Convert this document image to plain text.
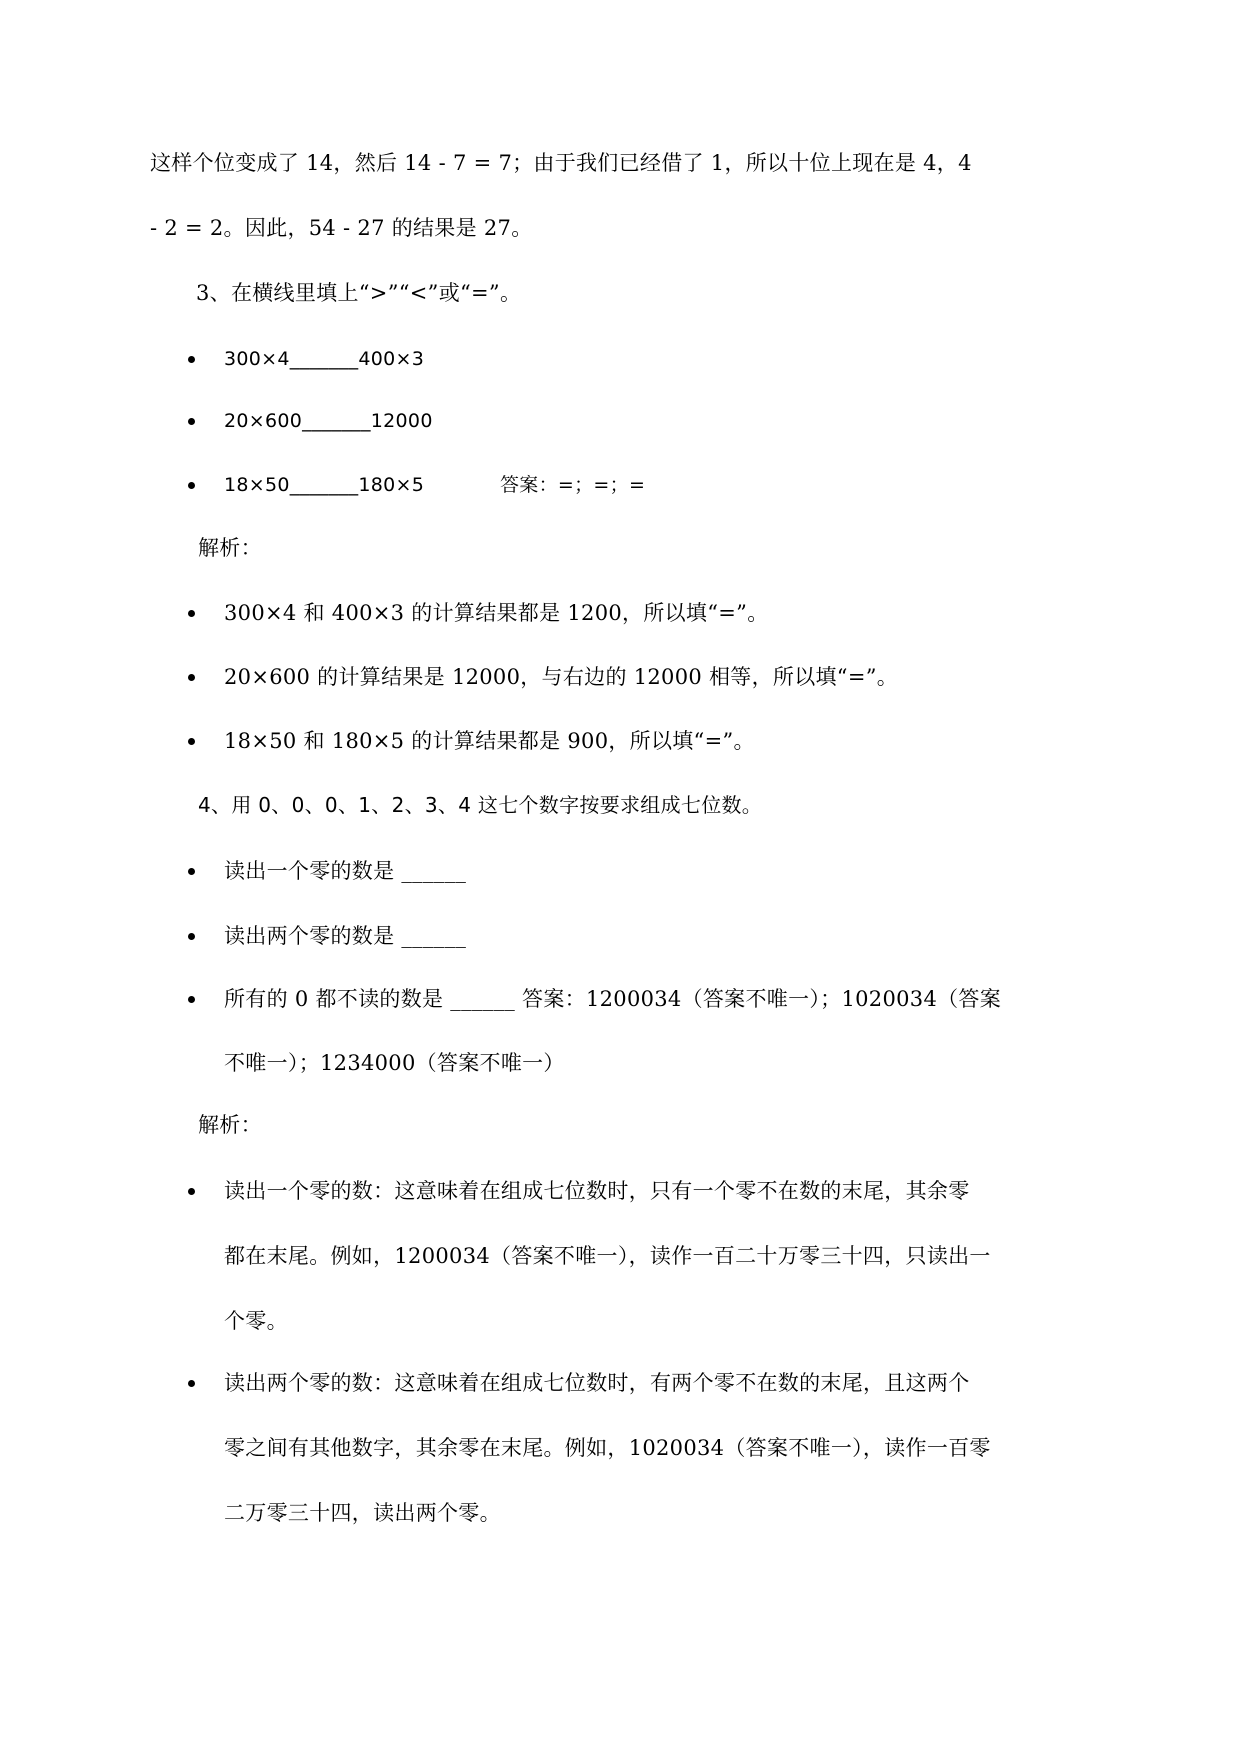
这样个位变成了 14，然后 14 - 7 = 7；由于我们已经借了 1，所以十位上现在是 4，4
- 2 = 2。因此，54 - 27 的结果是 27。
3、在横线里填上“>”“<”或“=”。
300×4_______400×3
20×600_______12000
18×50_______180×5	答案：=；=；=
解析：
300×4 和 400×3 的计算结果都是 1200，所以填“=”。
20×600 的计算结果是 12000，与右边的 12000 相等，所以填“=”。
18×50 和 180×5 的计算结果都是 900，所以填“=”。
4、用 0、0、0、1、2、3、4 这七个数字按要求组成七位数。
读出一个零的数是 ______
读出两个零的数是 ______
所有的 0 都不读的数是 ______ 答案：1200034（答案不唯一）；1020034（答案
不唯一）；1234000（答案不唯一）
解析：
读出一个零的数：这意味着在组成七位数时，只有一个零不在数的末尾，其余零
都在末尾。例如，1200034（答案不唯一），读作一百二十万零三十四，只读出一
个零。
读出两个零的数：这意味着在组成七位数时，有两个零不在数的末尾，且这两个
零之间有其他数字，其余零在末尾。例如，1020034（答案不唯一），读作一百零
二万零三十四，读出两个零。
